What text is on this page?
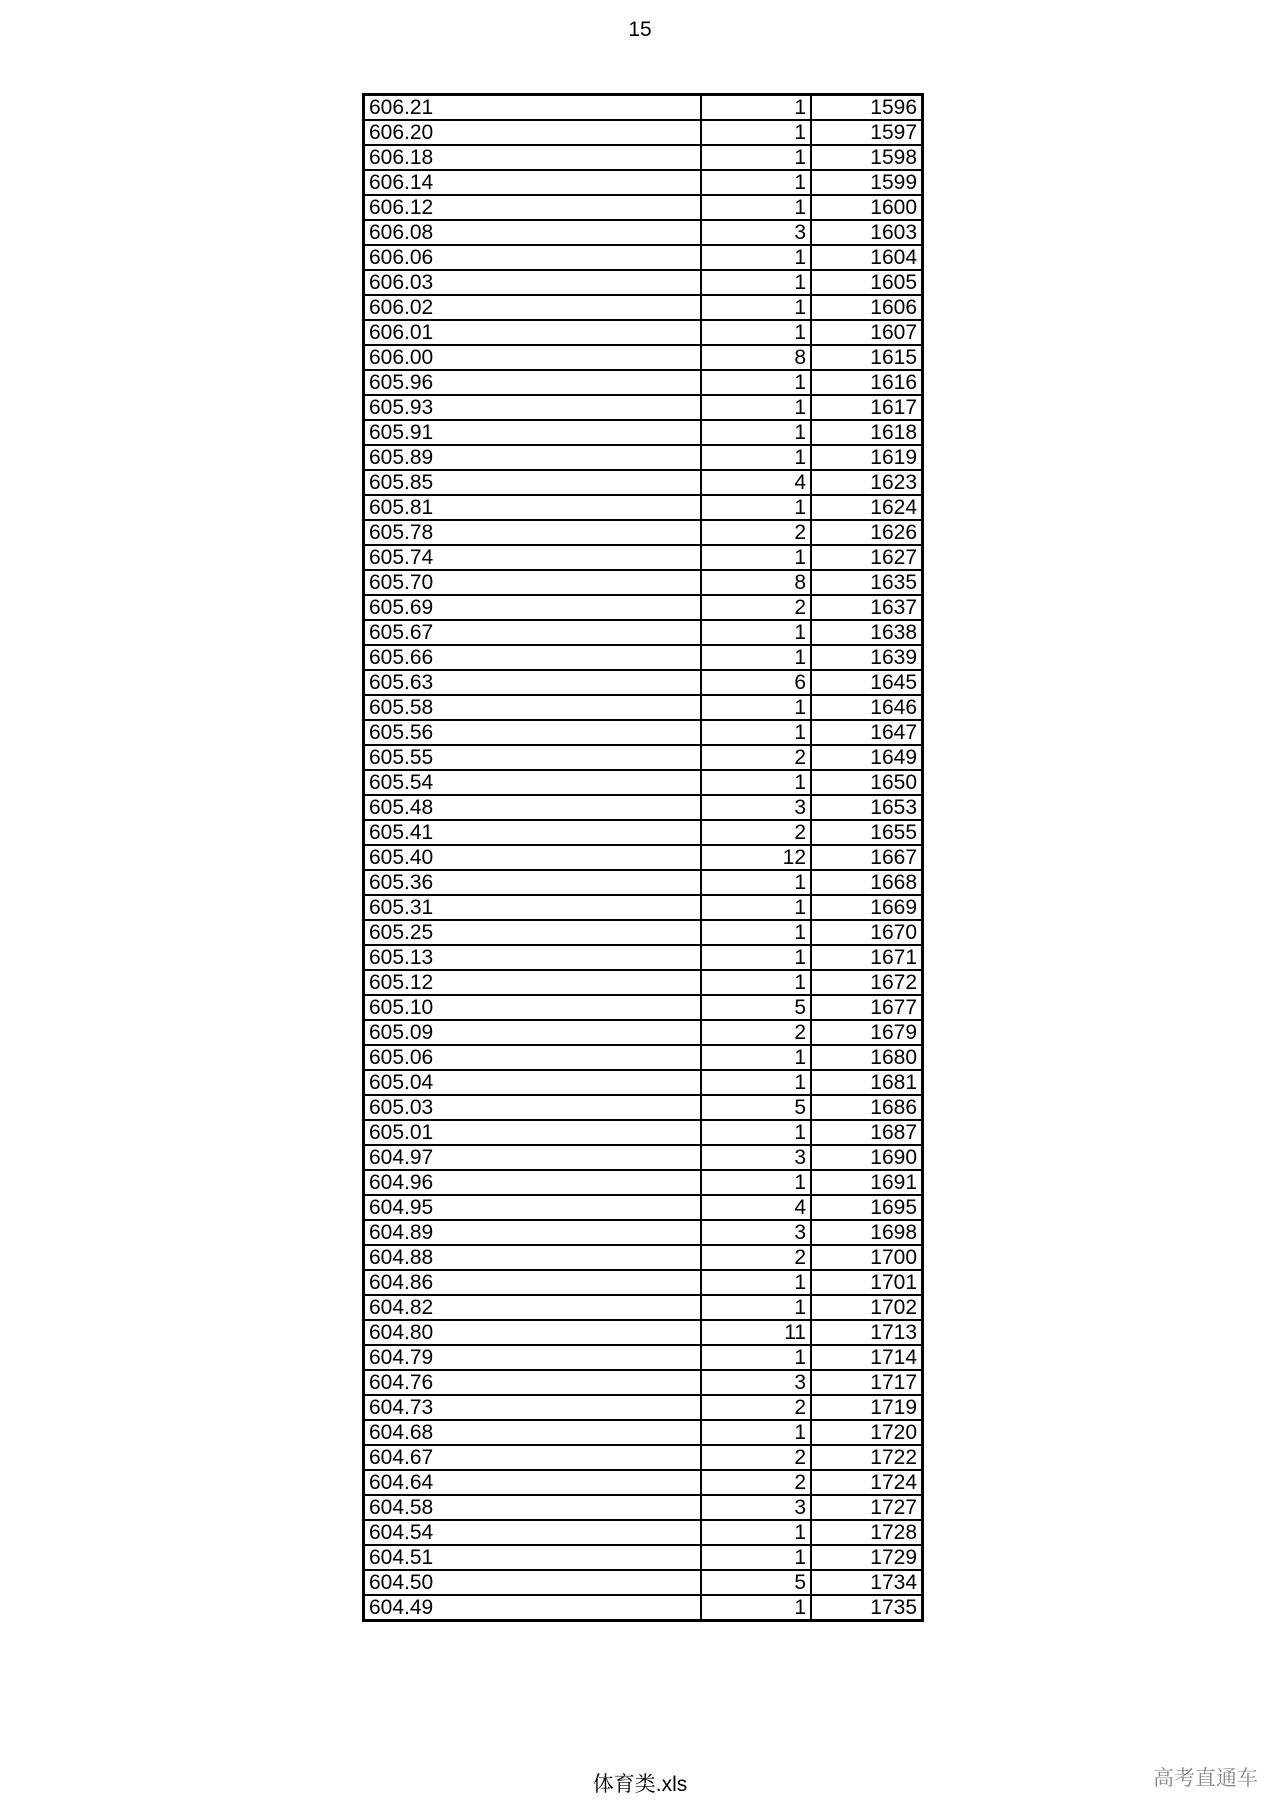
15
606.21	1	1596
606.20	1	1597
606.18	1	1598
606.14	1	1599
606.12	1	1600
606.08	3	1603
606.06	1	1604
606.03	1	1605
606.02	1	1606
606.01	1	1607
606.00	8	1615
605.96	1	1616
605.93	1	1617
605.91	1	1618
605.89	1	1619
605.85	4	1623
605.81	1	1624
605.78	2	1626
605.74	1	1627
605.70	8	1635
605.69	2	1637
605.67	1	1638
605.66	1	1639
605.63	6	1645
605.58	1	1646
605.56	1	1647
605.55	2	1649
605.54	1	1650
605.48	3	1653
605.41	2	1655
605.40	12	1667
605.36	1	1668
605.31	1	1669
605.25	1	1670
605.13	1	1671
605.12	1	1672
605.10	5	1677
605.09	2	1679
605.06	1	1680
605.04	1	1681
605.03	5	1686
605.01	1	1687
604.97	3	1690
604.96	1	1691
604.95	4	1695
604.89	3	1698
604.88	2	1700
604.86	1	1701
604.82	1	1702
604.80	11	1713
604.79	1	1714
604.76	3	1717
604.73	2	1719
604.68	1	1720
604.67	2	1722
604.64	2	1724
604.58	3	1727
604.54	1	1728
604.51	1	1729
604.50	5	1734
604.49	1	1735
体育类.xls	高考直通车
